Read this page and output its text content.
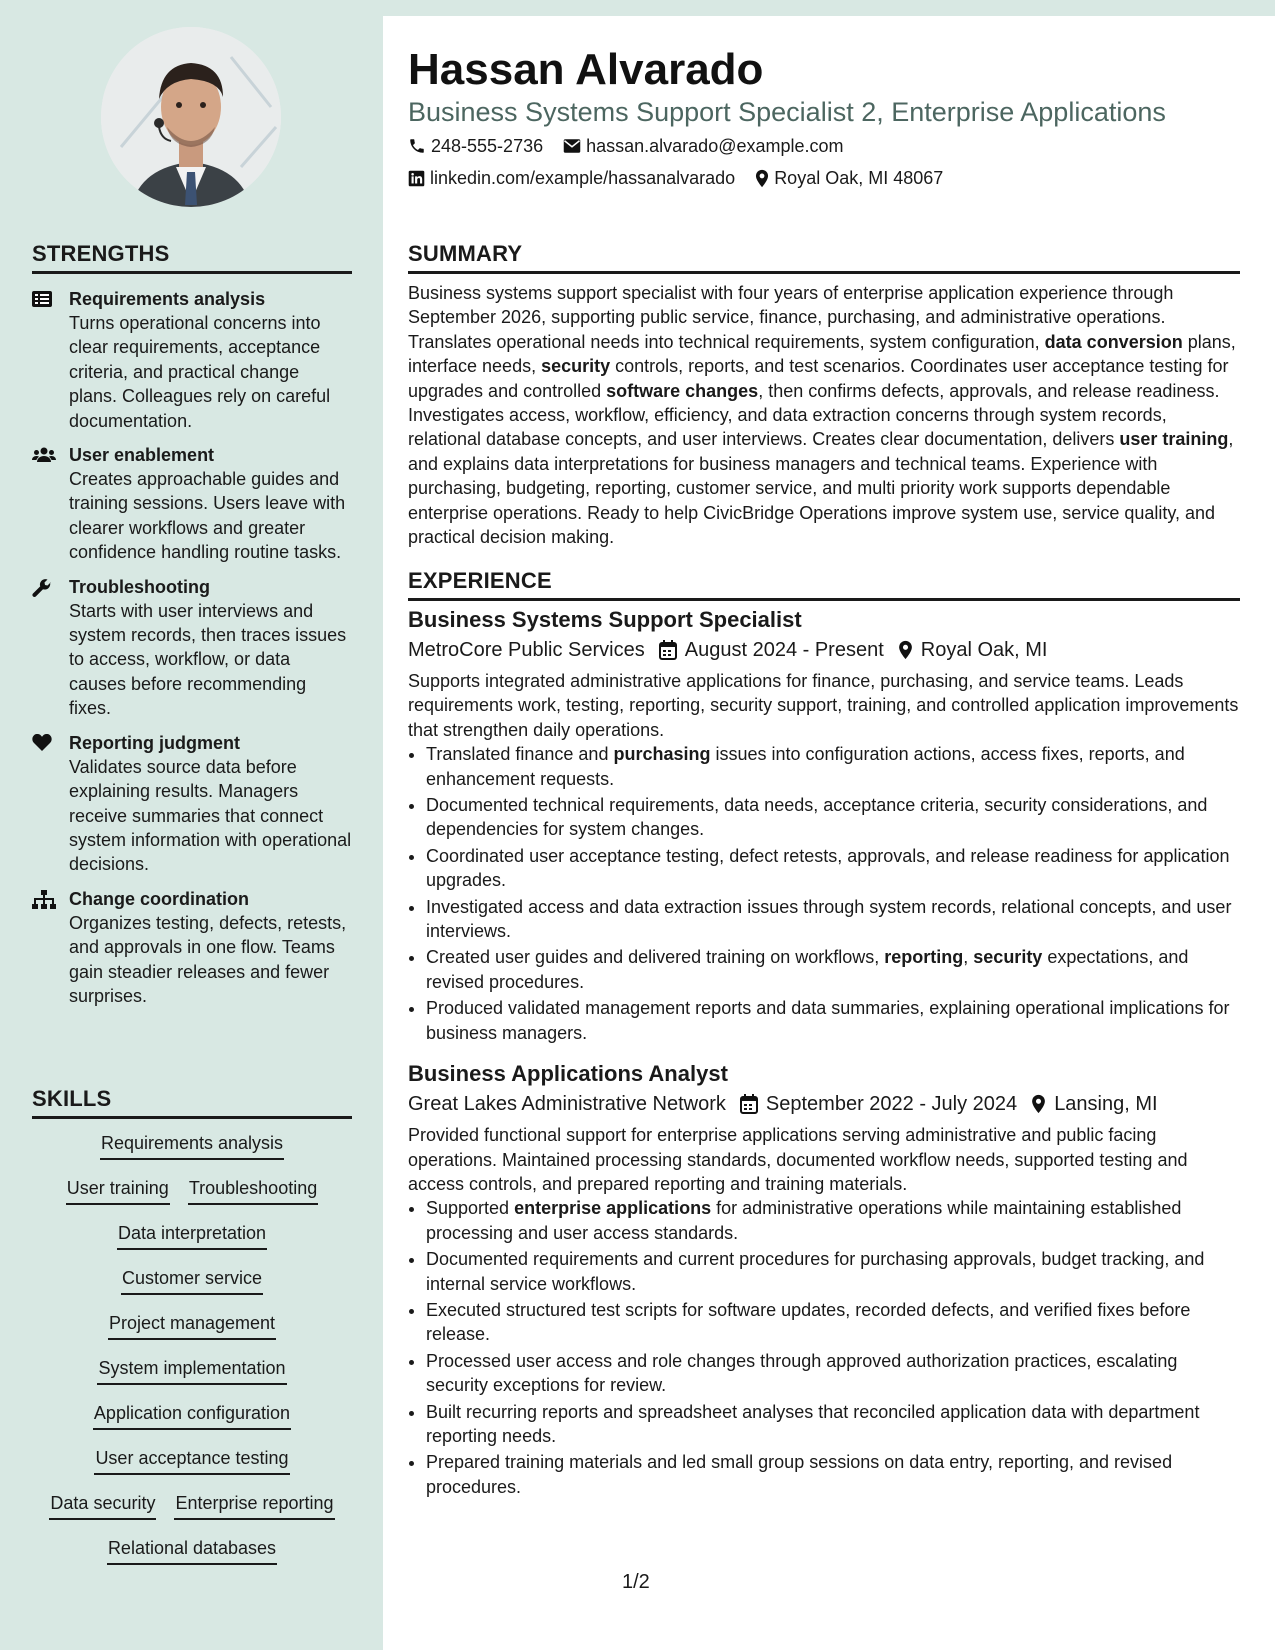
Hassan Alvarado
Business Systems Support Specialist 2, Enterprise Applications
248-555-2736 hassan.alvarado@example.com
linkedin.com/example/hassanalvarado Royal Oak, MI 48067
STRENGTHS
Requirements analysis
Turns operational concerns into clear requirements, acceptance criteria, and practical change plans. Colleagues rely on careful documentation.
User enablement
Creates approachable guides and training sessions. Users leave with clearer workflows and greater confidence handling routine tasks.
Troubleshooting
Starts with user interviews and system records, then traces issues to access, workflow, or data causes before recommending fixes.
Reporting judgment
Validates source data before explaining results. Managers receive summaries that connect system information with operational decisions.
Change coordination
Organizes testing, defects, retests, and approvals in one flow. Teams gain steadier releases and fewer surprises.
SKILLS
Requirements analysis
User training Troubleshooting
Data interpretation
Customer service
Project management
System implementation
Application configuration
User acceptance testing
Data security Enterprise reporting
Relational databases
SUMMARY

Business systems support specialist with four years of enterprise application experience through September 2026, supporting public service, finance, purchasing, and administrative operations. Translates operational needs into technical requirements, system configuration, data conversion plans, interface needs, security controls, reports, and test scenarios. Coordinates user acceptance testing for upgrades and controlled software changes, then confirms defects, approvals, and release readiness. Investigates access, workflow, efficiency, and data extraction concerns through system records, relational database concepts, and user interviews. Creates clear documentation, delivers user training, and explains data interpretations for business managers and technical teams. Experience with purchasing, budgeting, reporting, customer service, and multi priority work supports dependable enterprise operations. Ready to help CivicBridge Operations improve system use, service quality, and practical decision making.

EXPERIENCE
Business Systems Support Specialist
MetroCore Public Services August 2024 - Present Royal Oak, MI

Supports integrated administrative applications for finance, purchasing, and service teams. Leads requirements work, testing, reporting, security support, training, and controlled application improvements that strengthen daily operations.

• Translated finance and purchasing issues into configuration actions, access fixes, reports, and enhancement requests.
• Documented technical requirements, data needs, acceptance criteria, security considerations, and dependencies for system changes.
• Coordinated user acceptance testing, defect retests, approvals, and release readiness for application upgrades.
• Investigated access and data extraction issues through system records, relational concepts, and user interviews.
• Created user guides and delivered training on workflows, reporting, security expectations, and revised procedures.
• Produced validated management reports and data summaries, explaining operational implications for business managers.
Business Applications Analyst
Great Lakes Administrative Network September 2022 - July 2024 Lansing, MI

Provided functional support for enterprise applications serving administrative and public facing operations. Maintained processing standards, documented workflow needs, supported testing and access controls, and prepared reporting and training materials.

• Supported enterprise applications for administrative operations while maintaining established processing and user access standards.
• Documented requirements and current procedures for purchasing approvals, budget tracking, and internal service workflows.
• Executed structured test scripts for software updates, recorded defects, and verified fixes before release.
• Processed user access and role changes through approved authorization practices, escalating security exceptions for review.
• Built recurring reports and spreadsheet analyses that reconciled application data with department reporting needs.
• Prepared training materials and led small group sessions on data entry, reporting, and revised procedures.
1/2
